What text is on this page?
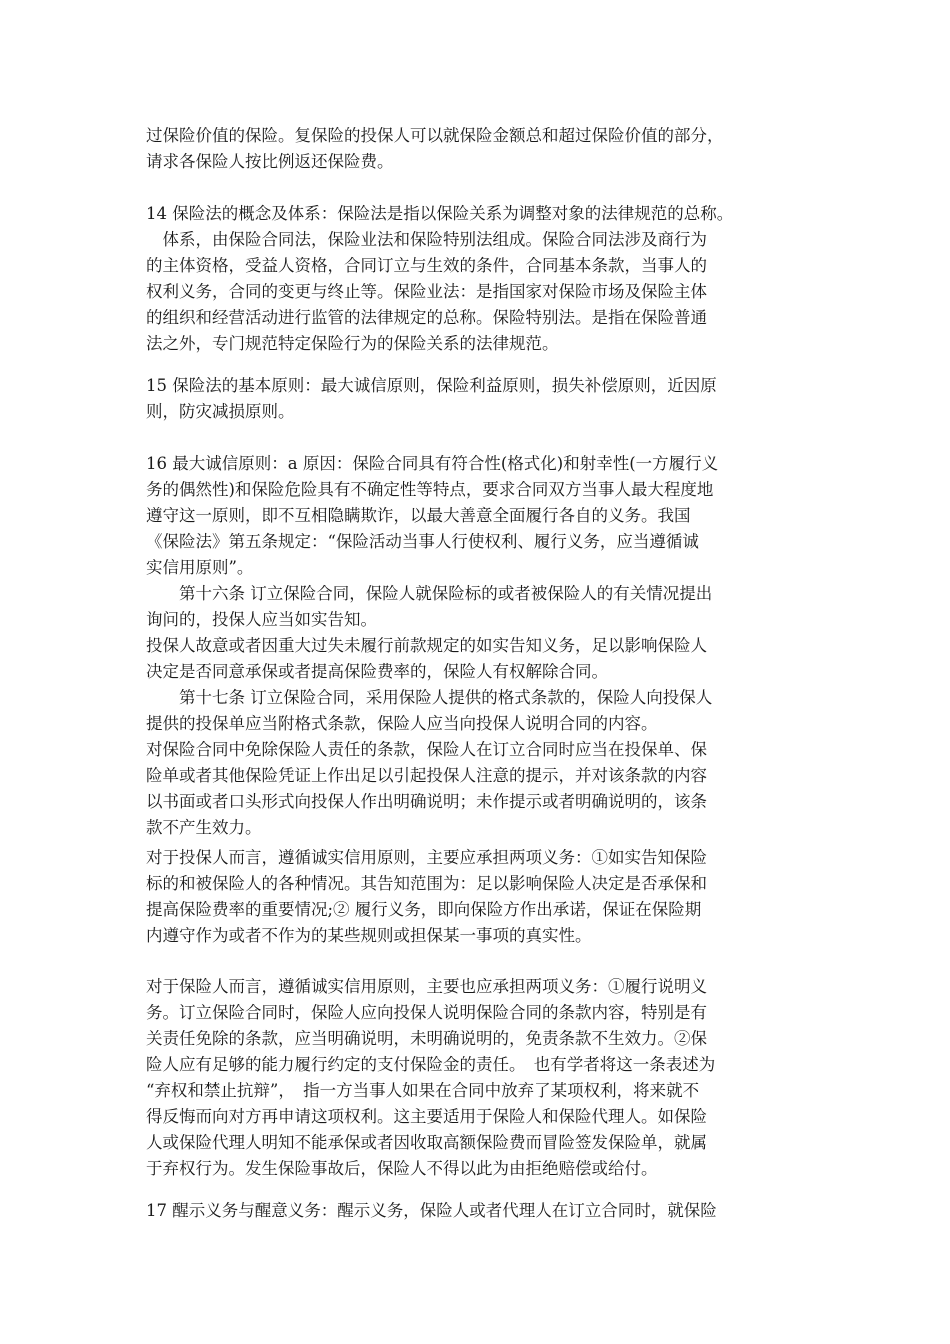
过保险价值的保险。复保险的投保人可以就保险金额总和超过保险价值的部分，
请求各保险人按比例返还保险费。
14 保险法的概念及体系：保险法是指以保险关系为调整对象的法律规范的总称。
　体系，由保险合同法，保险业法和保险特别法组成。保险合同法涉及商行为
的主体资格，受益人资格，合同订立与生效的条件，合同基本条款，当事人的
权利义务，合同的变更与终止等。保险业法：是指国家对保险市场及保险主体
的组织和经营活动进行监管的法律规定的总称。保险特别法。是指在保险普通
法之外，专门规范特定保险行为的保险关系的法律规范。
15 保险法的基本原则：最大诚信原则，保险利益原则，损失补偿原则，近因原
则，防灾减损原则。
16 最大诚信原则：a 原因：保险合同具有符合性(格式化)和射幸性(一方履行义
务的偶然性)和保险危险具有不确定性等特点，要求合同双方当事人最大程度地
遵守这一原则，即不互相隐瞒欺诈，以最大善意全面履行各自的义务。我国
《保险法》第五条规定：“保险活动当事人行使权利、履行义务，应当遵循诚
实信用原则”。
　　第十六条 订立保险合同，保险人就保险标的或者被保险人的有关情况提出
询问的，投保人应当如实告知。
投保人故意或者因重大过失未履行前款规定的如实告知义务，足以影响保险人
决定是否同意承保或者提高保险费率的，保险人有权解除合同。
　　第十七条 订立保险合同，采用保险人提供的格式条款的，保险人向投保人
提供的投保单应当附格式条款，保险人应当向投保人说明合同的内容。
对保险合同中免除保险人责任的条款，保险人在订立合同时应当在投保单、保
险单或者其他保险凭证上作出足以引起投保人注意的提示，并对该条款的内容
以书面或者口头形式向投保人作出明确说明；未作提示或者明确说明的，该条
款不产生效力。
对于投保人而言，遵循诚实信用原则，主要应承担两项义务：①如实告知保险
标的和被保险人的各种情况。其告知范围为：足以影响保险人决定是否承保和
提高保险费率的重要情况;② 履行义务，即向保险方作出承诺，保证在保险期
内遵守作为或者不作为的某些规则或担保某一事项的真实性。
对于保险人而言，遵循诚实信用原则，主要也应承担两项义务：①履行说明义
务。订立保险合同时，保险人应向投保人说明保险合同的条款内容，特别是有
关责任免除的条款，应当明确说明，未明确说明的，免责条款不生效力。②保
险人应有足够的能力履行约定的支付保险金的责任。　也有学者将这一条表述为
“弃权和禁止抗辩”，　指一方当事人如果在合同中放弃了某项权利，将来就不
得反悔而向对方再申请这项权利。这主要适用于保险人和保险代理人。如保险
人或保险代理人明知不能承保或者因收取高额保险费而冒险签发保险单，就属
于弃权行为。发生保险事故后，保险人不得以此为由拒绝赔偿或给付。
17 醒示义务与醒意义务：醒示义务，保险人或者代理人在订立合同时，就保险
